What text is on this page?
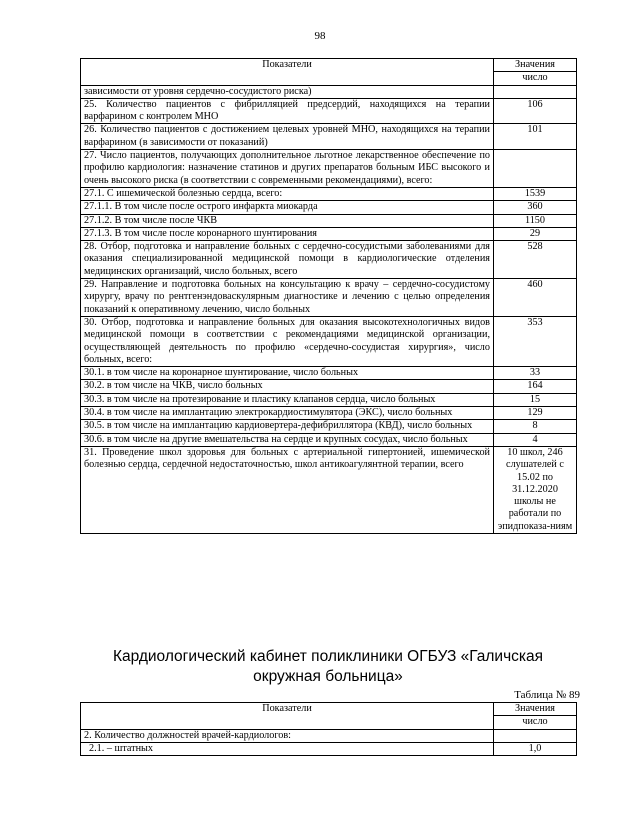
98
Показатели	Значения
	число
зависимости от уровня сердечно-сосудистого риска)	
25. Количество пациентов с фибрилляцией предсердий, находящихся на терапии варфарином с контролем МНО	106
26. Количество пациентов с достижением целевых уровней МНО, находящихся на терапии варфарином (в зависимости от показаний)	101
27. Число пациентов, получающих дополнительное льготное лекарственное обеспечение по профилю кардиология: назначение статинов и других препаратов больным ИБС высокого и очень высокого риска (в соответствии с современными рекомендациями), всего:	
27.1. С ишемической болезнью сердца, всего:	1539
27.1.1. В том числе после острого инфаркта миокарда	360
27.1.2. В том числе после ЧКВ	1150
27.1.3. В том числе после коронарного шунтирования	29
28. Отбор, подготовка и направление больных с сердечно-сосудистыми заболеваниями для оказания специализированной медицинской помощи в кардиологические отделения медицинских организаций, число больных, всего	528
29. Направление и подготовка больных на консультацию к врачу – сердечно-сосудистому хирургу, врачу по рентгенэндоваскулярным диагностике и лечению с целью определения показаний к оперативному лечению, число больных	460
30. Отбор, подготовка и направление больных для оказания высокотехнологичных видов медицинской помощи в соответствии с рекомендациями медицинской организации, осуществляющей деятельность по профилю «сердечно-сосудистая хирургия», число больных, всего:	353
30.1. в том числе на коронарное шунтирование, число больных	33
30.2. в том числе на ЧКВ, число больных	164
30.3. в том числе на протезирование и пластику клапанов сердца, число больных	15
30.4. в том числе на имплантацию электрокардиостимулятора (ЭКС), число больных	129
30.5. в том числе на имплантацию кардиовертера-дефибриллятора (КВД), число больных	8
30.6. в том числе на другие вмешательства на сердце и крупных сосудах, число больных	4
31. Проведение школ здоровья для больных с артериальной гипертонией, ишемической болезнью сердца, сердечной недостаточностью, школ антикоагулянтной терапии, всего	10 школ, 246 слушателей с 15.02 по 31.12.2020 школы не работали по эпидпоказа-ниям
Кардиологический кабинет поликлиники ОГБУЗ «Галичская окружная больница»
Таблица № 89
Показатели	Значения
	число
2. Количество должностей врачей-кардиологов:	
2.1. – штатных	1,0
